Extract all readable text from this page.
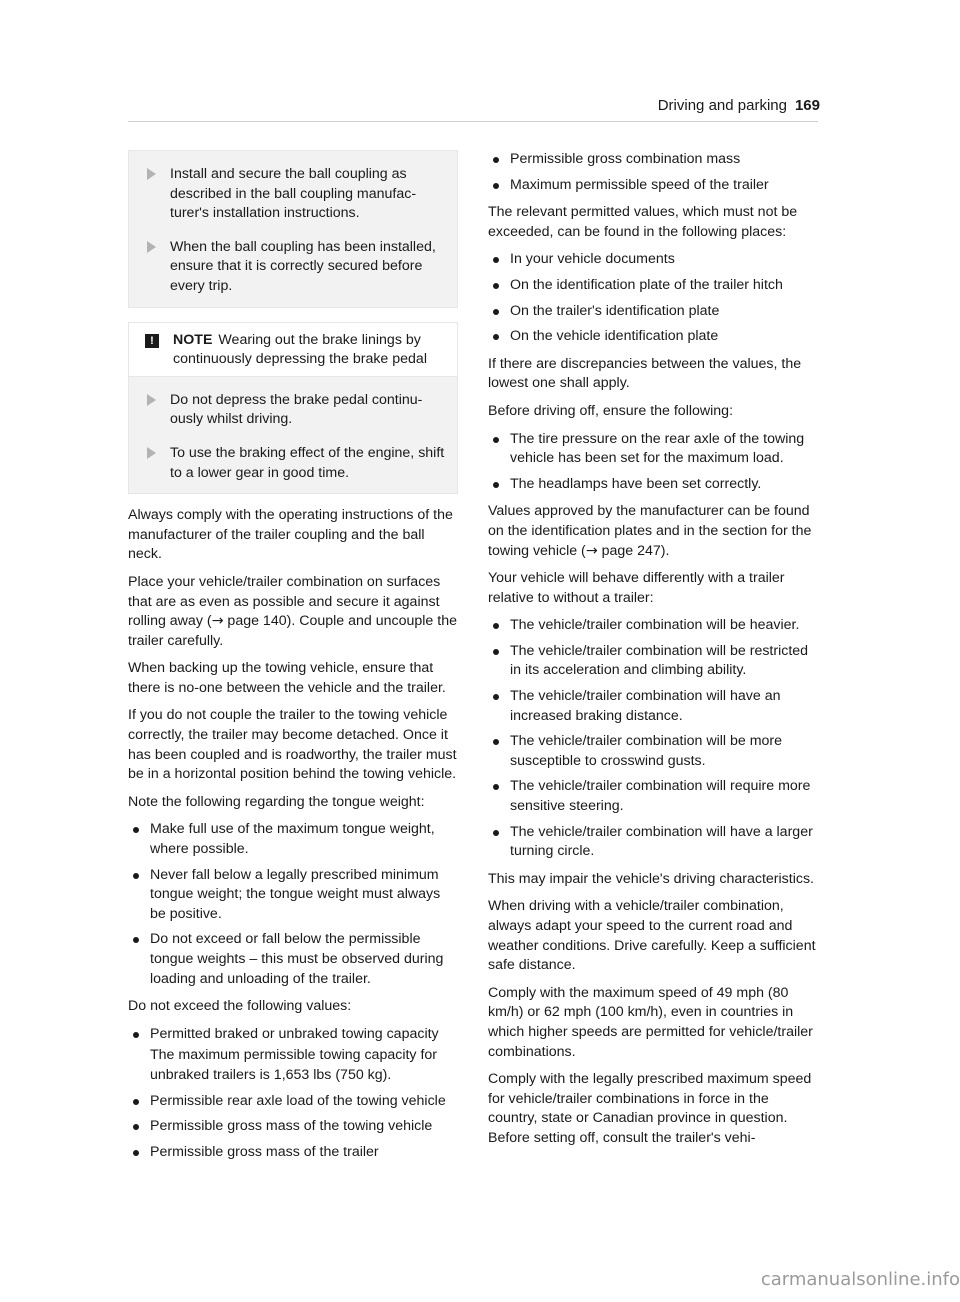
Driving and parking 169
Install and secure the ball coupling as described in the ball coupling manufacturer's installation instructions.
When the ball coupling has been installed, ensure that it is correctly secured before every trip.
!	NOTE Wearing out the brake linings by continuously depressing the brake pedal
Do not depress the brake pedal continuously whilst driving.
To use the braking effect of the engine, shift to a lower gear in good time.

Always comply with the operating instructions of the manufacturer of the trailer coupling and the ball neck.

Place your vehicle/trailer combination on surfaces that are as even as possible and secure it against rolling away (→ page 140). Couple and uncouple the trailer carefully.

When backing up the towing vehicle, ensure that there is no-one between the vehicle and the trailer.

If you do not couple the trailer to the towing vehicle correctly, the trailer may become detached. Once it has been coupled and is roadworthy, the trailer must be in a horizontal position behind the towing vehicle.

Note the following regarding the tongue weight:

Make full use of the maximum tongue weight, where possible.
Never fall below a legally prescribed minimum tongue weight; the tongue weight must always be positive.
Do not exceed or fall below the permissible tongue weights – this must be observed during loading and unloading of the trailer.

Do not exceed the following values:

Permitted braked or unbraked towing capacity
The maximum permissible towing capacity for unbraked trailers is 1,653 lbs (750 kg).
Permissible rear axle load of the towing vehicle
Permissible gross mass of the towing vehicle
Permissible gross mass of the trailer
Permissible gross combination mass
Maximum permissible speed of the trailer

The relevant permitted values, which must not be exceeded, can be found in the following places:

In your vehicle documents
On the identification plate of the trailer hitch
On the trailer's identification plate
On the vehicle identification plate

If there are discrepancies between the values, the lowest one shall apply.

Before driving off, ensure the following:

The tire pressure on the rear axle of the towing vehicle has been set for the maximum load.
The headlamps have been set correctly.

Values approved by the manufacturer can be found on the identification plates and in the section for the towing vehicle (→ page 247).

Your vehicle will behave differently with a trailer relative to without a trailer:

The vehicle/trailer combination will be heavier.
The vehicle/trailer combination will be restricted in its acceleration and climbing ability.
The vehicle/trailer combination will have an increased braking distance.
The vehicle/trailer combination will be more susceptible to crosswind gusts.
The vehicle/trailer combination will require more sensitive steering.
The vehicle/trailer combination will have a larger turning circle.

This may impair the vehicle's driving characteristics.

When driving with a vehicle/trailer combination, always adapt your speed to the current road and weather conditions. Drive carefully. Keep a sufficient safe distance.

Comply with the maximum speed of 49 mph (80 km/h) or 62 mph (100 km/h), even in countries in which higher speeds are permitted for vehicle/trailer combinations.

Comply with the legally prescribed maximum speed for vehicle/trailer combinations in force in the country, state or Canadian province in question. Before setting off, consult the trailer's vehi-

carmanualsonline.info
